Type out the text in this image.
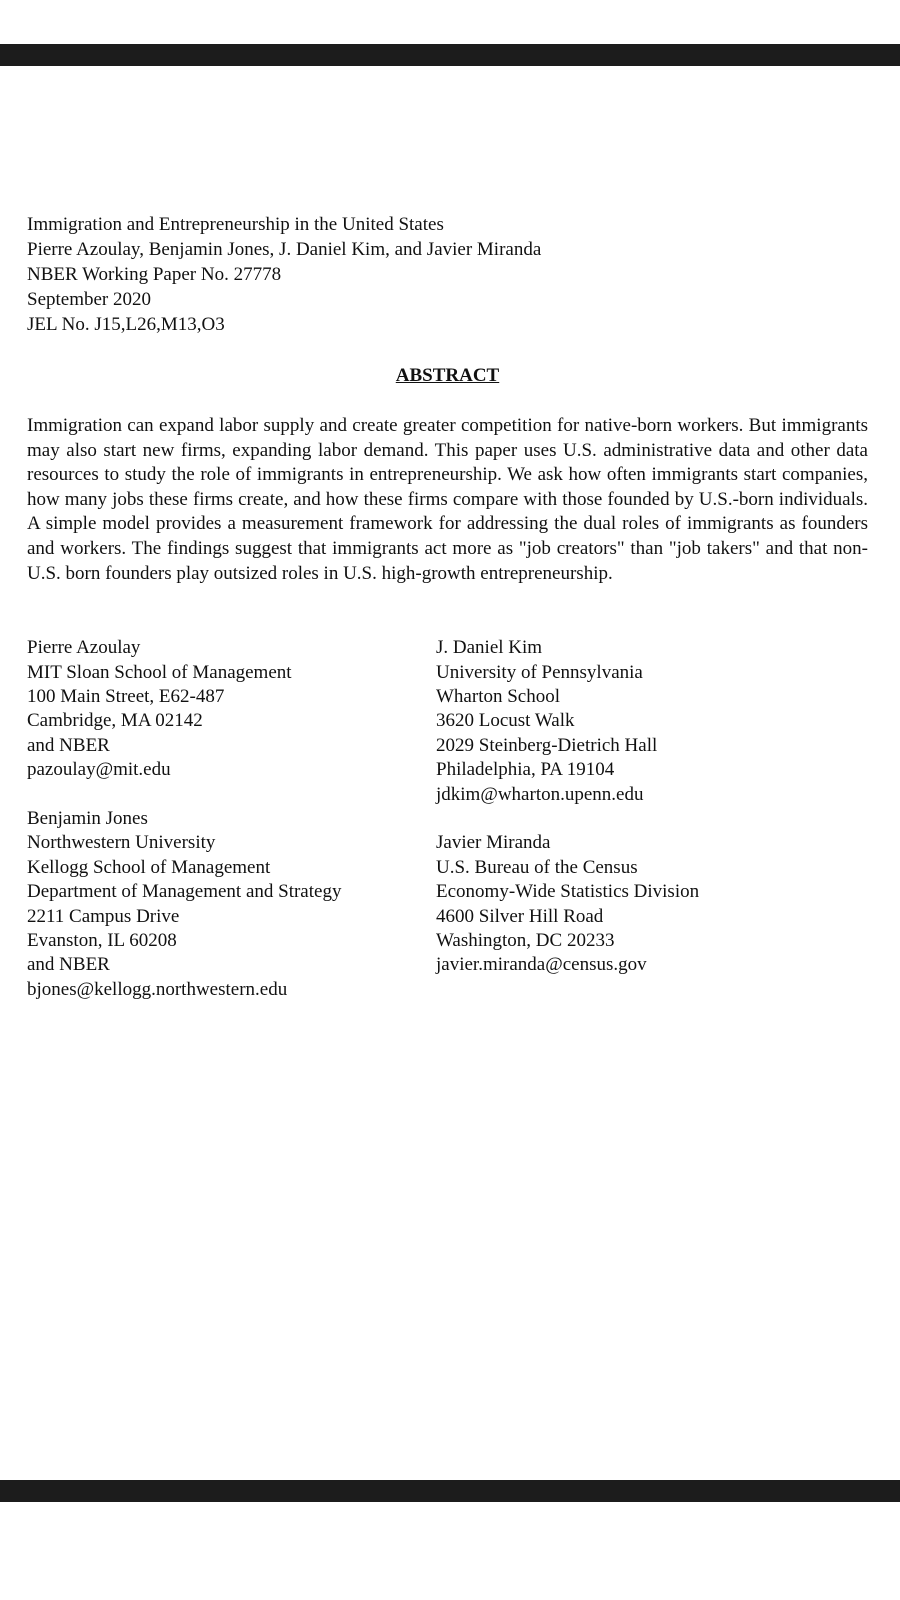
Immigration and Entrepreneurship in the United States
Pierre Azoulay, Benjamin Jones, J. Daniel Kim, and Javier Miranda
NBER Working Paper No. 27778
September 2020
JEL No. J15,L26,M13,O3
ABSTRACT
Immigration can expand labor supply and create greater competition for native-born workers. But immigrants may also start new firms, expanding labor demand. This paper uses U.S. administrative data and other data resources to study the role of immigrants in entrepreneurship. We ask how often immigrants start companies, how many jobs these firms create, and how these firms compare with those founded by U.S.-born individuals. A simple model provides a measurement framework for addressing the dual roles of immigrants as founders and workers. The findings suggest that immigrants act more as "job creators" than "job takers" and that non-U.S. born founders play outsized roles in U.S. high-growth entrepreneurship.
Pierre Azoulay
MIT Sloan School of Management
100 Main Street, E62-487
Cambridge, MA 02142
and NBER
pazoulay@mit.edu
Benjamin Jones
Northwestern University
Kellogg School of Management
Department of Management and Strategy
2211 Campus Drive
Evanston, IL 60208
and NBER
bjones@kellogg.northwestern.edu
J. Daniel Kim
University of Pennsylvania
Wharton School
3620 Locust Walk
2029 Steinberg-Dietrich Hall
Philadelphia, PA 19104
jdkim@wharton.upenn.edu
Javier Miranda
U.S. Bureau of the Census
Economy-Wide Statistics Division
4600 Silver Hill Road
Washington, DC 20233
javier.miranda@census.gov
